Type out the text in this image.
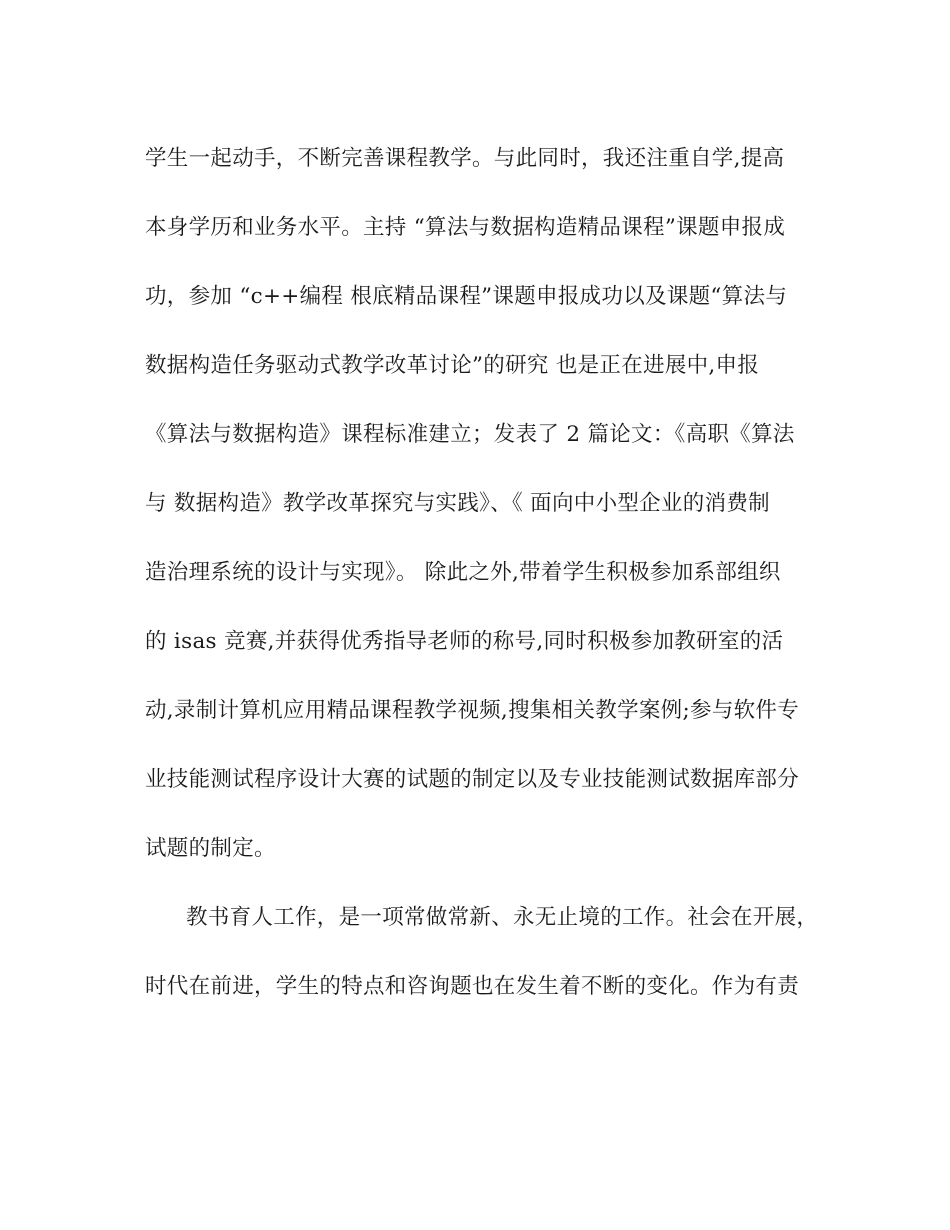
学生一起动手，不断完善课程教学。与此同时，我还注重自学,提高
本身学历和业务水平。主持 “算法与数据构造精品课程”课题申报成
功，参加 “c++编程 根底精品课程”课题申报成功以及课题“算法与
数据构造任务驱动式教学改革讨论”的研究 也是正在进展中,申报
《算法与数据构造》课程标准建立；发表了 2 篇论文：《高职《算法
与 数据构造》教学改革探究与实践》、《 面向中小型企业的消费制
造治理系统的设计与实现》。 除此之外,带着学生积极参加系部组织
的 isas 竞赛,并获得优秀指导老师的称号,同时积极参加教研室的活
动,录制计算机应用精品课程教学视频,搜集相关教学案例;参与软件专
业技能测试程序设计大赛的试题的制定以及专业技能测试数据库部分
试题的制定。
教书育人工作，是一项常做常新、永无止境的工作。社会在开展，
时代在前进，学生的特点和咨询题也在发生着不断的变化。作为有责
